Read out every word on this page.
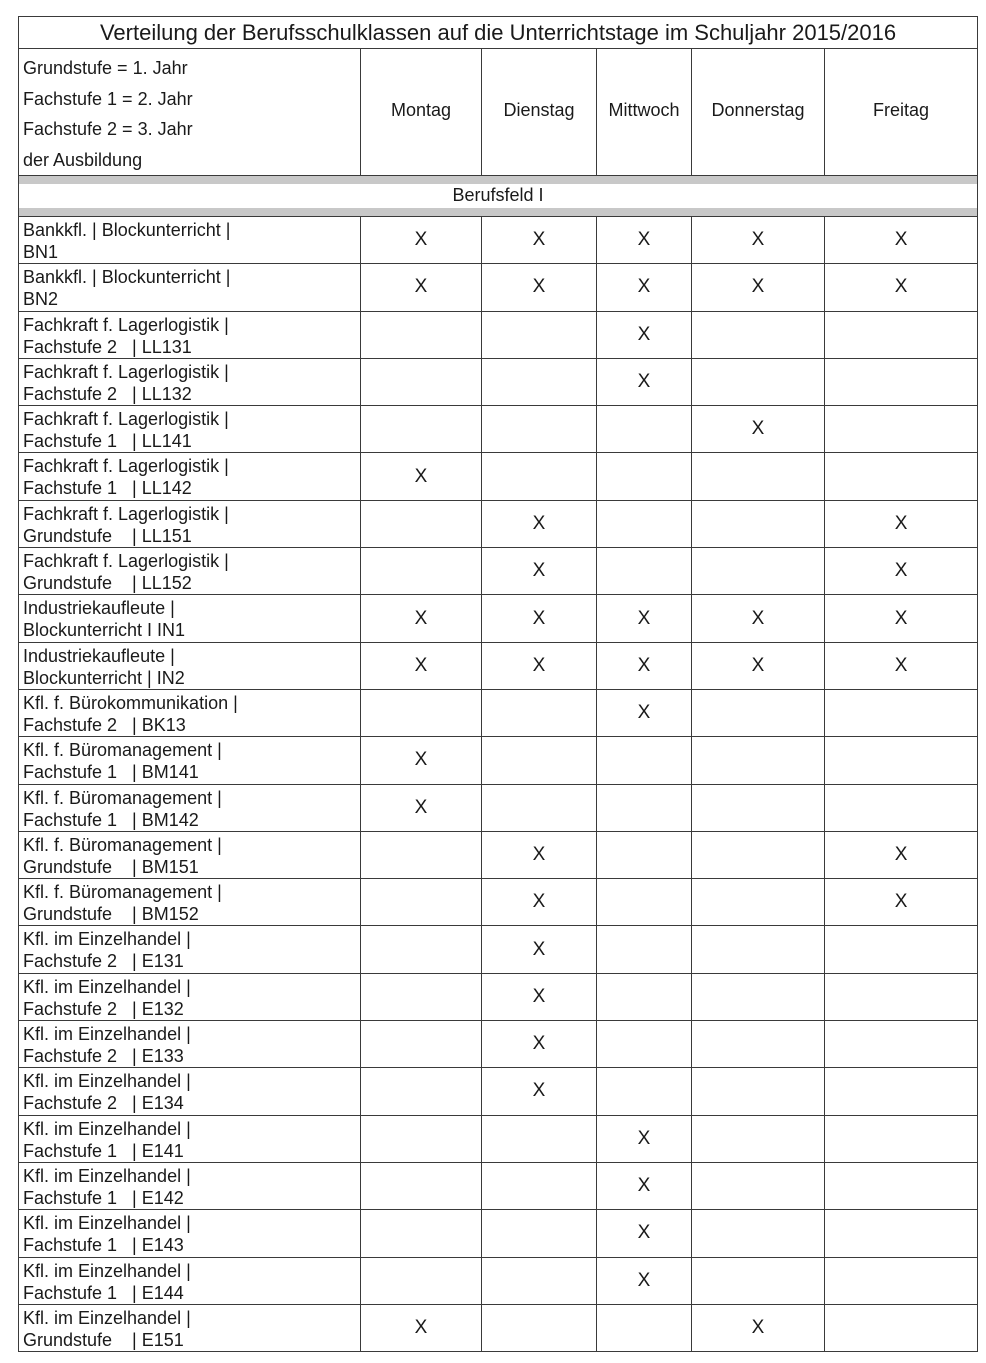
Verteilung der Berufsschulklassen auf die Unterrichtstage im Schuljahr 2015/2016					

Grundstufe = 1. Jahr
Fachstufe 1 = 2. Jahr
Fachstufe 2 = 3. Jahr
der Ausbildung	Montag	Dienstag	Mittwoch	Donnerstag	Freitag

Berufsfeld I					

Bankkfl. | Blockunterricht |
BN1	X	X	X	X	X

Bankkfl. | Blockunterricht |
BN2	X	X	X	X	X

Fachkraft f. Lagerlogistik |
Fachstufe 2   | LL131			X		

Fachkraft f. Lagerlogistik |
Fachstufe 2   | LL132			X		

Fachkraft f. Lagerlogistik |
Fachstufe 1   | LL141				X	

Fachkraft f. Lagerlogistik |
Fachstufe 1   | LL142	X				

Fachkraft f. Lagerlogistik |
Grundstufe    | LL151		X			X

Fachkraft f. Lagerlogistik |
Grundstufe    | LL152		X			X

Industriekaufleute |
Blockunterricht I IN1	X	X	X	X	X

Industriekaufleute |
Blockunterricht | IN2	X	X	X	X	X

Kfl. f. Bürokommunikation |
Fachstufe 2   | BK13			X		

Kfl. f. Büromanagement |
Fachstufe 1   | BM141	X				

Kfl. f. Büromanagement |
Fachstufe 1   | BM142	X				

Kfl. f. Büromanagement |
Grundstufe    | BM151		X			X

Kfl. f. Büromanagement |
Grundstufe    | BM152		X			X

Kfl. im Einzelhandel |
Fachstufe 2   | E131		X			

Kfl. im Einzelhandel |
Fachstufe 2   | E132		X			

Kfl. im Einzelhandel |
Fachstufe 2   | E133		X			

Kfl. im Einzelhandel |
Fachstufe 2   | E134		X			

Kfl. im Einzelhandel |
Fachstufe 1   | E141			X		

Kfl. im Einzelhandel |
Fachstufe 1   | E142			X		

Kfl. im Einzelhandel |
Fachstufe 1   | E143			X		

Kfl. im Einzelhandel |
Fachstufe 1   | E144			X		

Kfl. im Einzelhandel |
Grundstufe    | E151	X			X	
